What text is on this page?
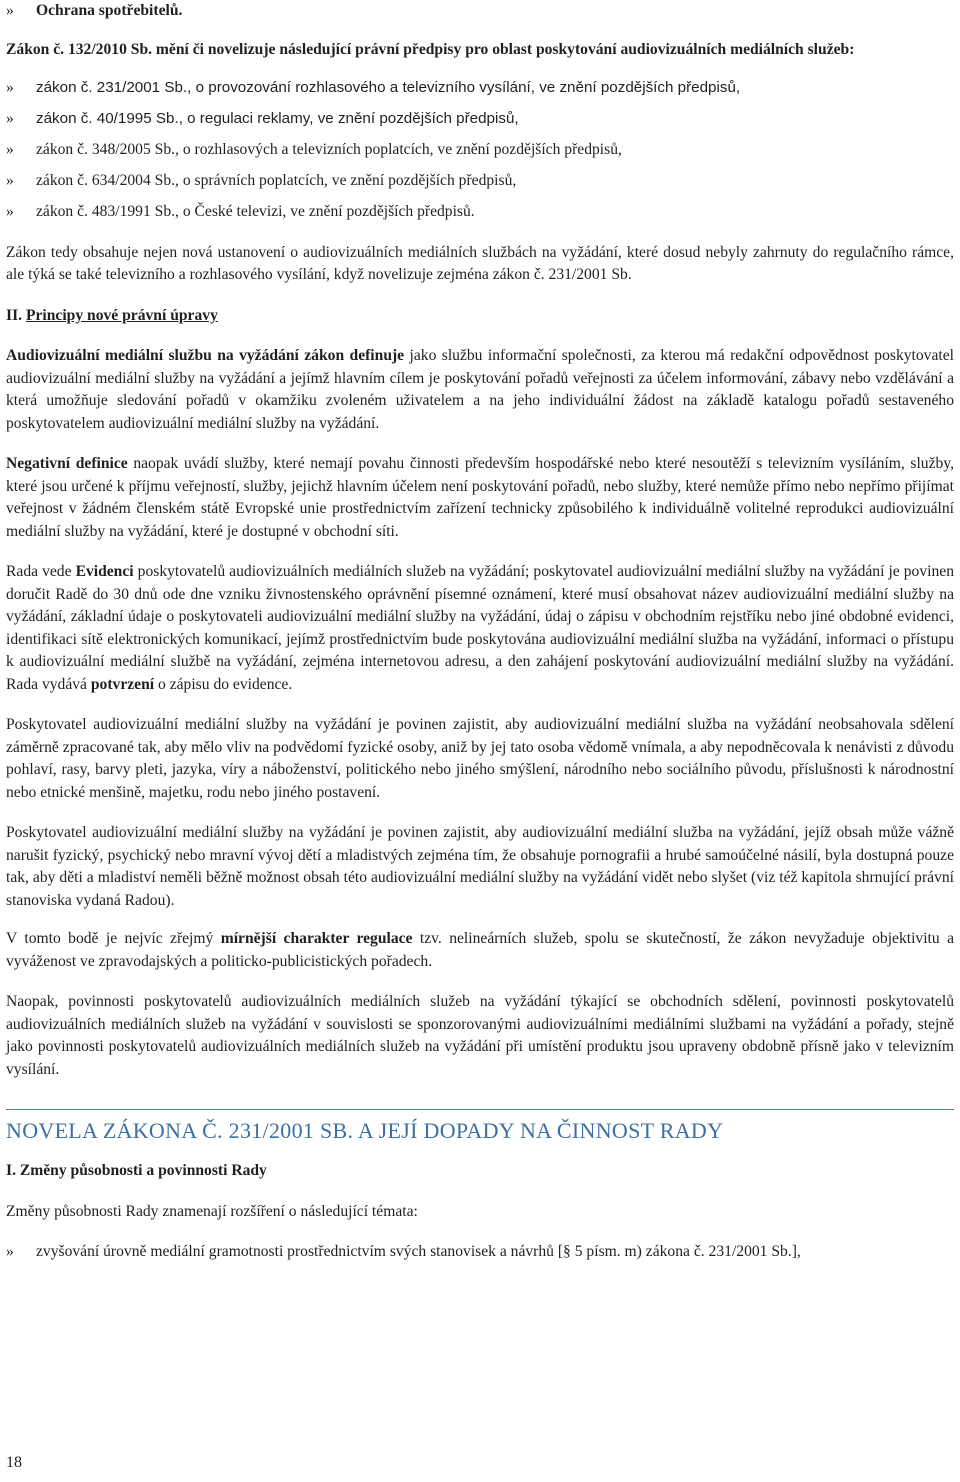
»	Ochrana spotřebitelů.

Zákon č. 132/2010 Sb. mění či novelizuje následující právní předpisy pro oblast poskytování audiovizuálních mediálních služeb:

»	zákon č. 231/2001 Sb., o provozování rozhlasového a televizního vysílání, ve znění pozdějších předpisů,
»	zákon č. 40/1995 Sb., o regulaci reklamy, ve znění pozdějších předpisů,
»	zákon č. 348/2005 Sb., o rozhlasových a televizních poplatcích, ve znění pozdějších předpisů,
»	zákon č. 634/2004 Sb., o správních poplatcích, ve znění pozdějších předpisů,
»	zákon č. 483/1991 Sb., o České televizi, ve znění pozdějších předpisů.

Zákon tedy obsahuje nejen nová ustanovení o audiovizuálních mediálních službách na vyžádání, které dosud nebyly zahrnuty do regulačního rámce, ale týká se také televizního a rozhlasového vysílání, když novelizuje zejména zákon č. 231/2001 Sb.

II. Principy nové právní úpravy

Audiovizuální mediální službu na vyžádání zákon definuje jako službu informační společnosti, za kterou má redakční odpovědnost poskytovatel audiovizuální mediální služby na vyžádání a jejímž hlavním cílem je poskytování pořadů veřejnosti za účelem informování, zábavy nebo vzdělávání a která umožňuje sledování pořadů v okamžiku zvoleném uživatelem a na jeho individuální žádost na základě katalogu pořadů sestaveného poskytovatelem audiovizuální mediální služby na vyžádání.

Negativní definice naopak uvádí služby, které nemají povahu činnosti především hospodářské nebo které nesoutěží s televizním vysíláním, služby, které jsou určené k příjmu veřejností, služby, jejichž hlavním účelem není poskytování pořadů, nebo služby, které nemůže přímo nebo nepřímo přijímat veřejnost v žádném členském státě Evropské unie prostřednictvím zařízení technicky způsobilého k individuálně volitelné reprodukci audiovizuální mediální služby na vyžádání, které je dostupné v obchodní síti.

Rada vede Evidenci poskytovatelů audiovizuálních mediálních služeb na vyžádání; poskytovatel audiovizuální mediální služby na vyžádání je povinen doručit Radě do 30 dnů ode dne vzniku živnostenského oprávnění písemné oznámení, které musí obsahovat název audiovizuální mediální služby na vyžádání, základní údaje o poskytovateli audiovizuální mediální služby na vyžádání, údaj o zápisu v obchodním rejstříku nebo jiné obdobné evidenci, identifikaci sítě elektronických komunikací, jejímž prostřednictvím bude poskytována audiovizuální mediální služba na vyžádání, informaci o přístupu k audiovizuální mediální službě na vyžádání, zejména internetovou adresu, a den zahájení poskytování audiovizuální mediální služby na vyžádání. Rada vydává potvrzení o zápisu do evidence.

Poskytovatel audiovizuální mediální služby na vyžádání je povinen zajistit, aby audiovizuální mediální služba na vyžádání neobsahovala sdělení záměrně zpracované tak, aby mělo vliv na podvědomí fyzické osoby, aniž by jej tato osoba vědomě vnímala, a aby nepodněcovala k nenávisti z důvodu pohlaví, rasy, barvy pleti, jazyka, víry a náboženství, politického nebo jiného smýšlení, národního nebo sociálního původu, příslušnosti k národnostní nebo etnické menšině, majetku, rodu nebo jiného postavení.

Poskytovatel audiovizuální mediální služby na vyžádání je povinen zajistit, aby audiovizuální mediální služba na vyžádání, jejíž obsah může vážně narušit fyzický, psychický nebo mravní vývoj dětí a mladistvých zejména tím, že obsahuje pornografii a hrubé samoúčelné násilí, byla dostupná pouze tak, aby děti a mladiství neměli běžně možnost obsah této audiovizuální mediální služby na vyžádání vidět nebo slyšet (viz též kapitola shrnující právní stanoviska vydaná Radou).

V tomto bodě je nejvíc zřejmý mírnější charakter regulace tzv. nelineárních služeb, spolu se skutečností, že zákon nevyžaduje objektivitu a vyváženost ve zpravodajských a politicko-publicistických pořadech.

Naopak, povinnosti poskytovatelů audiovizuálních mediálních služeb na vyžádání týkající se obchodních sdělení, povinnosti poskytovatelů audiovizuálních mediálních služeb na vyžádání v souvislosti se sponzorovanými audiovizuálními mediálními službami na vyžádání a pořady, stejně jako povinnosti poskytovatelů audiovizuálních mediálních služeb na vyžádání při umístění produktu jsou upraveny obdobně přísně jako v televizním vysílání.

NOVELA ZÁKONA Č. 231/2001 SB. A JEJÍ DOPADY NA ČINNOST RADY

I. Změny působnosti a povinnosti Rady

Změny působnosti Rady znamenají rozšíření o následující témata:

»	zvyšování úrovně mediální gramotnosti prostřednictvím svých stanovisek a návrhů [§ 5 písm. m) zákona č. 231/2001 Sb.],
18
